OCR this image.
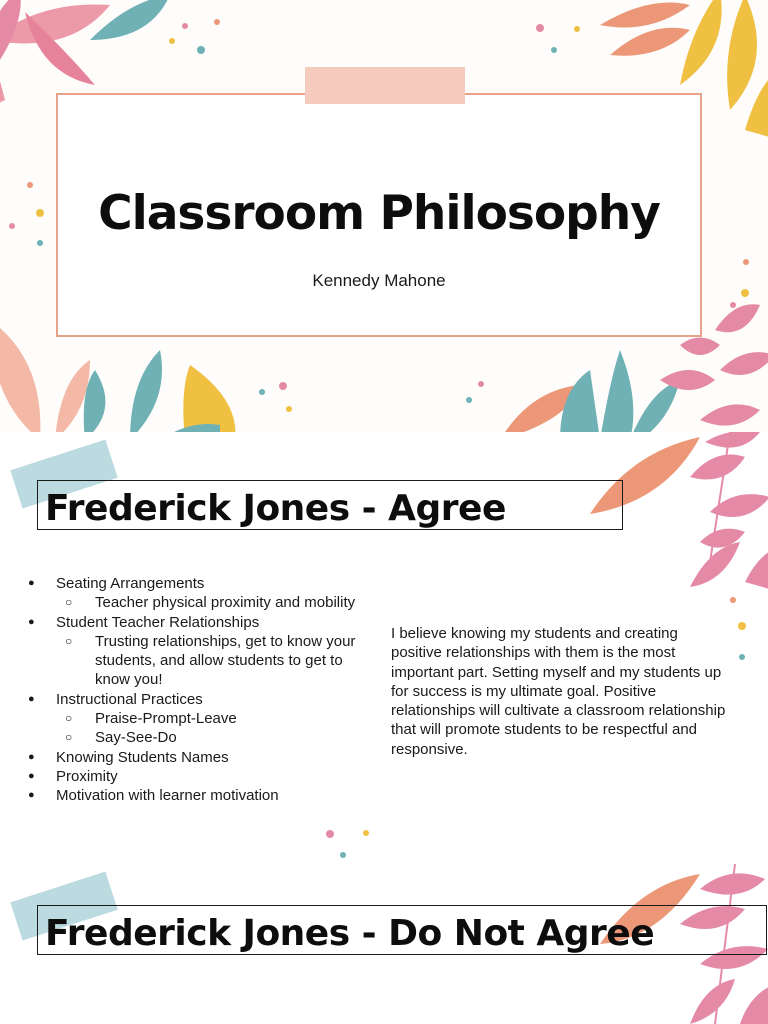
Classroom Philosophy
Kennedy Mahone
Frederick Jones - Agree
● Seating Arrangements
○ Teacher physical proximity and mobility
● Student Teacher Relationships
○ Trusting relationships, get to know your students, and allow students to get to know you!
● Instructional Practices
○ Praise-Prompt-Leave
○ Say-See-Do
● Knowing Students Names
● Proximity
● Motivation with learner motivation

I believe knowing my students and creating positive relationships with them is the most important part. Setting myself and my students up for success is my ultimate goal. Positive relationships will cultivate a classroom relationship that will promote students to be respectful and responsive.

Frederick Jones - Do Not Agree
